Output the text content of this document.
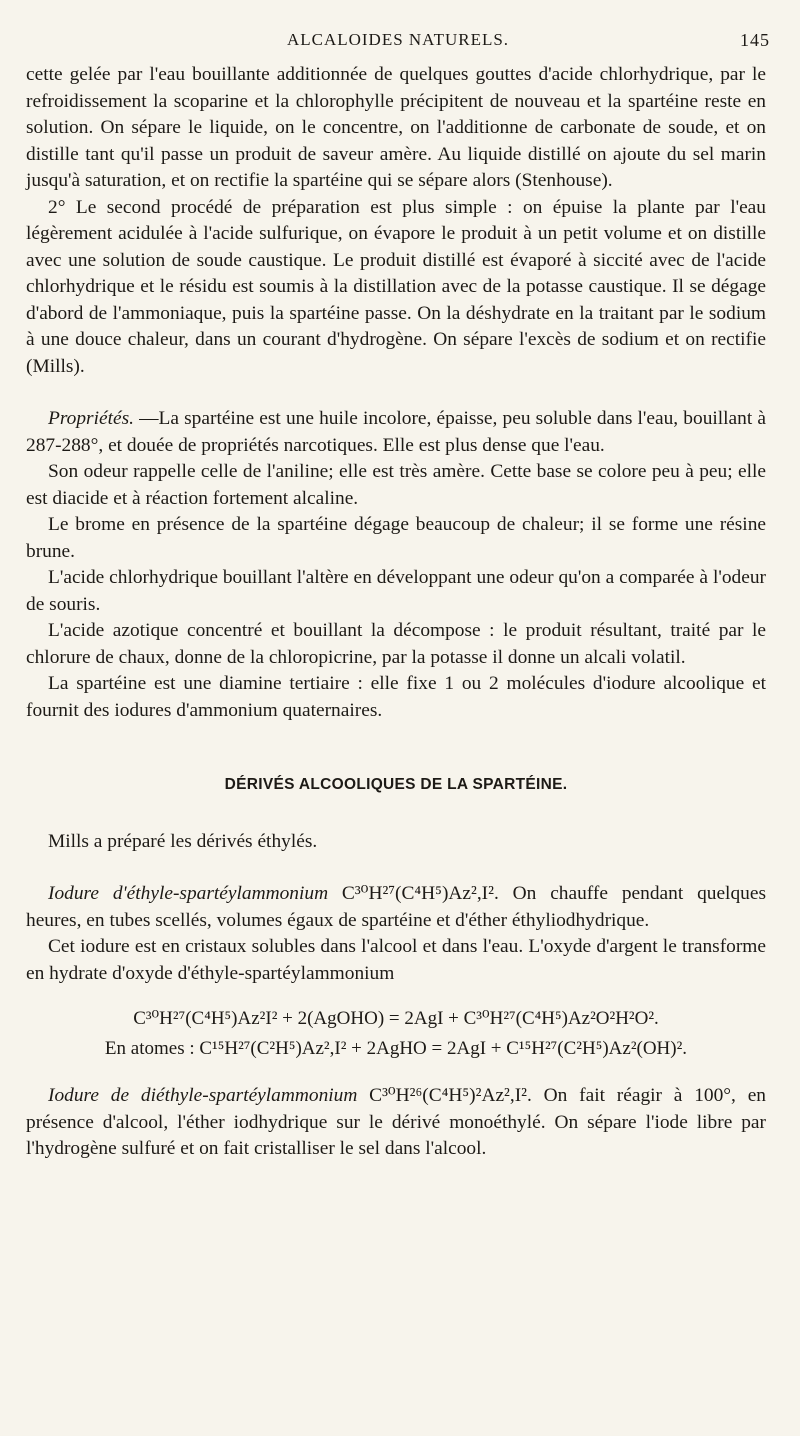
ALCALOIDES NATURELS.	145

cette gelée par l'eau bouillante additionnée de quelques gouttes d'acide chlorhydrique, par le refroidissement la scoparine et la chlorophylle précipitent de nouveau et la spartéine reste en solution. On sépare le liquide, on le concentre, on l'additionne de carbonate de soude, et on distille tant qu'il passe un produit de saveur amère. Au liquide distillé on ajoute du sel marin jusqu'à saturation, et on rectifie la spartéine qui se sépare alors (Stenhouse).

2° Le second procédé de préparation est plus simple : on épuise la plante par l'eau légèrement acidulée à l'acide sulfurique, on évapore le produit à un petit volume et on distille avec une solution de soude caustique. Le produit distillé est évaporé à siccité avec de l'acide chlorhydrique et le résidu est soumis à la distillation avec de la potasse caustique. Il se dégage d'abord de l'ammoniaque, puis la spartéine passe. On la déshydrate en la traitant par le sodium à une douce chaleur, dans un courant d'hydrogène. On sépare l'excès de sodium et on rectifie (Mills).

Propriétés. —La spartéine est une huile incolore, épaisse, peu soluble dans l'eau, bouillant à 287-288°, et douée de propriétés narcotiques. Elle est plus dense que l'eau.

Son odeur rappelle celle de l'aniline; elle est très amère. Cette base se colore peu à peu; elle est diacide et à réaction fortement alcaline.

Le brome en présence de la spartéine dégage beaucoup de chaleur; il se forme une résine brune.

L'acide chlorhydrique bouillant l'altère en développant une odeur qu'on a comparée à l'odeur de souris.

L'acide azotique concentré et bouillant la décompose : le produit résultant, traité par le chlorure de chaux, donne de la chloropicrine, par la potasse il donne un alcali volatil.

La spartéine est une diamine tertiaire : elle fixe 1 ou 2 molécules d'iodure alcoolique et fournit des iodures d'ammonium quaternaires.

DÉRIVÉS ALCOOLIQUES DE LA SPARTÉINE.

Mills a préparé les dérivés éthylés.

Iodure d'éthyle-spartéylammonium C³⁰H²⁷(C⁴H⁵)Az²,I². On chauffe pendant quelques heures, en tubes scellés, volumes égaux de spartéine et d'éther éthyliodhydrique.

Cet iodure est en cristaux solubles dans l'alcool et dans l'eau. L'oxyde d'argent le transforme en hydrate d'oxyde d'éthyle-spartéylammonium

C³⁰H²⁷(C⁴H⁵)Az²I² + 2(AgOHO) = 2AgI + C³⁰H²⁷(C⁴H⁵)Az²O²H²O².
En atomes : C¹⁵H²⁷(C²H⁵)Az²,I² + 2AgHO = 2AgI + C¹⁵H²⁷(C²H⁵)Az²(OH)².

Iodure de diéthyle-spartéylammonium C³⁰H²⁶(C⁴H⁵)²Az²,I². On fait réagir à 100°, en présence d'alcool, l'éther iodhydrique sur le dérivé monoéthylé. On sépare l'iode libre par l'hydrogène sulfuré et on fait cristalliser le sel dans l'alcool.
